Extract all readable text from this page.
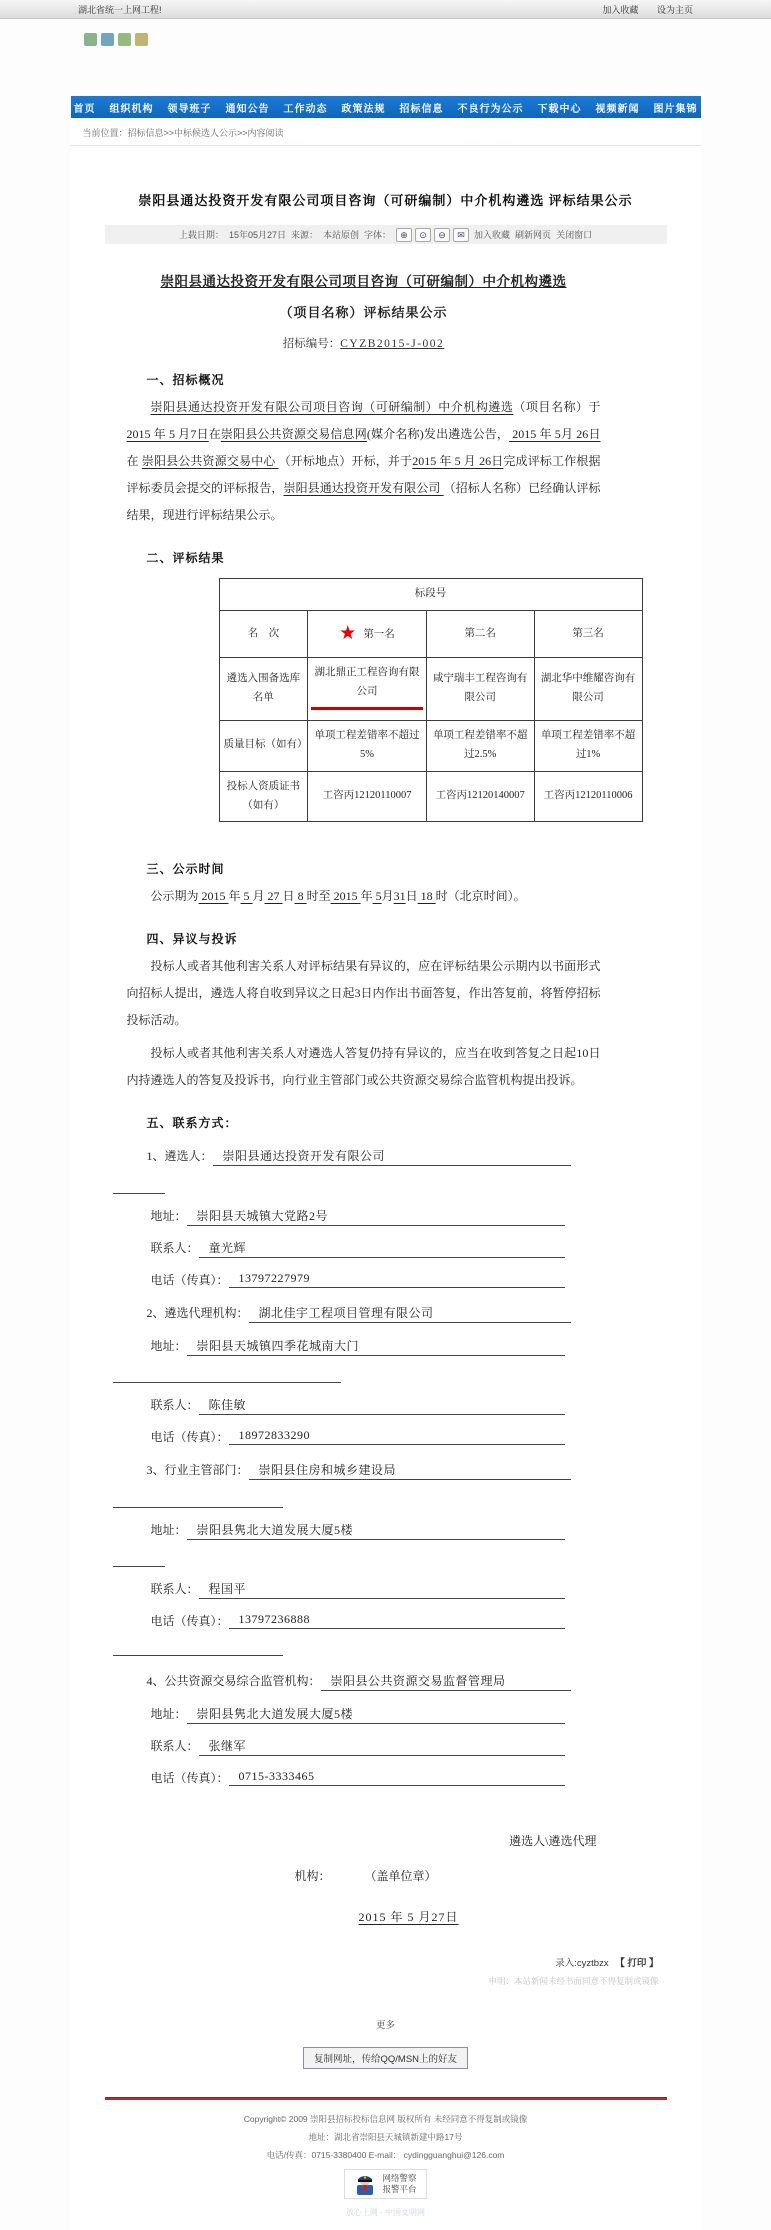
湖北省统一上网工程!	加入收藏 设为主页
首页	组织机构	领导班子	通知公告	工作动态	政策法规	招标信息	不良行为公示	下载中心	视频新闻	图片集锦
当前位置：招标信息>>中标候选人公示>>内容阅读
崇阳县通达投资开发有限公司项目咨询（可研编制）中介机构遴选 评标结果公示
上载日期： 15年05月27日 来源： 本站原创 字体：	⊕	⊙	⊖	✉	加入收藏 刷新网页 关闭窗口
崇阳县通达投资开发有限公司项目咨询（可研编制）中介机构遴选
（项目名称）评标结果公示
招标编号：CYZB2015-J-002
一、招标概况

崇阳县通达投资开发有限公司项目咨询（可研编制）中介机构遴选（项目名称）于 2015 年 5 月7日在崇阳县公共资源交易信息网(媒介名称)发出遴选公告， 2015 年 5月 26日在 崇阳县公共资源交易中心 （开标地点）开标，并于2015 年 5 月 26日完成评标工作根据评标委员会提交的评标报告，崇阳县通达投资开发有限公司 （招标人名称）已经确认评标结果，现进行评标结果公示。

二、评标结果
标段号			
名　次	★ 第一名	第二名	第三名
遴选入围备选库名单	湖北鼎正工程咨询有限公司	咸宁瑞丰工程咨询有限公司	湖北华中维耀咨询有限公司
质量目标（如有）	单项工程差错率不超过5%	单项工程差错率不超过2.5%	单项工程差错率不超过1%
投标人资质证书（如有）	工咨丙12120110007	工咨丙12120140007	工咨丙12120110006
三、公示时间

公示期为 2015 年 5 月 27 日 8 时至 2015 年 5月31日 18 时（北京时间）。

四、异议与投诉

投标人或者其他利害关系人对评标结果有异议的，应在评标结果公示期内以书面形式向招标人提出，遴选人将自收到异议之日起3日内作出书面答复，作出答复前，将暂停招标投标活动。

投标人或者其他利害关系人对遴选人答复仍持有异议的，应当在收到答复之日起10日内持遴选人的答复及投诉书，向行业主管部门或公共资源交易综合监管机构提出投诉。

五、联系方式：
1、遴选人： 崇阳县通达投资开发有限公司
地址： 崇阳县天城镇大党路2号
联系人： 童光辉
电话（传真）： 13797227979
2、遴选代理机构： 湖北佳宇工程项目管理有限公司
地址： 崇阳县天城镇四季花城南大门
联系人： 陈佳敏
电话（传真）： 18972833290
3、行业主管部门： 崇阳县住房和城乡建设局
地址： 崇阳县隽北大道发展大厦5楼
联系人： 程国平
电话（传真）： 13797236888
4、公共资源交易综合监管机构： 崇阳县公共资源交易监督管理局
地址： 崇阳县隽北大道发展大厦5楼
联系人： 张继军
电话（传真）： 0715-3333465
遴选人\遴选代理
机构：	（盖单位章）
2015 年 5 月27日
录入:cyztbzx 【 打印 】
申明：本站新闻未经书面同意不得复制或镜像
更多
复制网址，传给QQ/MSN上的好友
Copyright© 2009 崇阳县招标投标信息网 版权所有 未经同意不得复制或镜像
地址：湖北省崇阳县天城镇新建中路17号
电话/传真：0715-3380400 E-mail： cydingguanghui@126.com
网络警察
报警平台
放心上网 · 中国文明网
